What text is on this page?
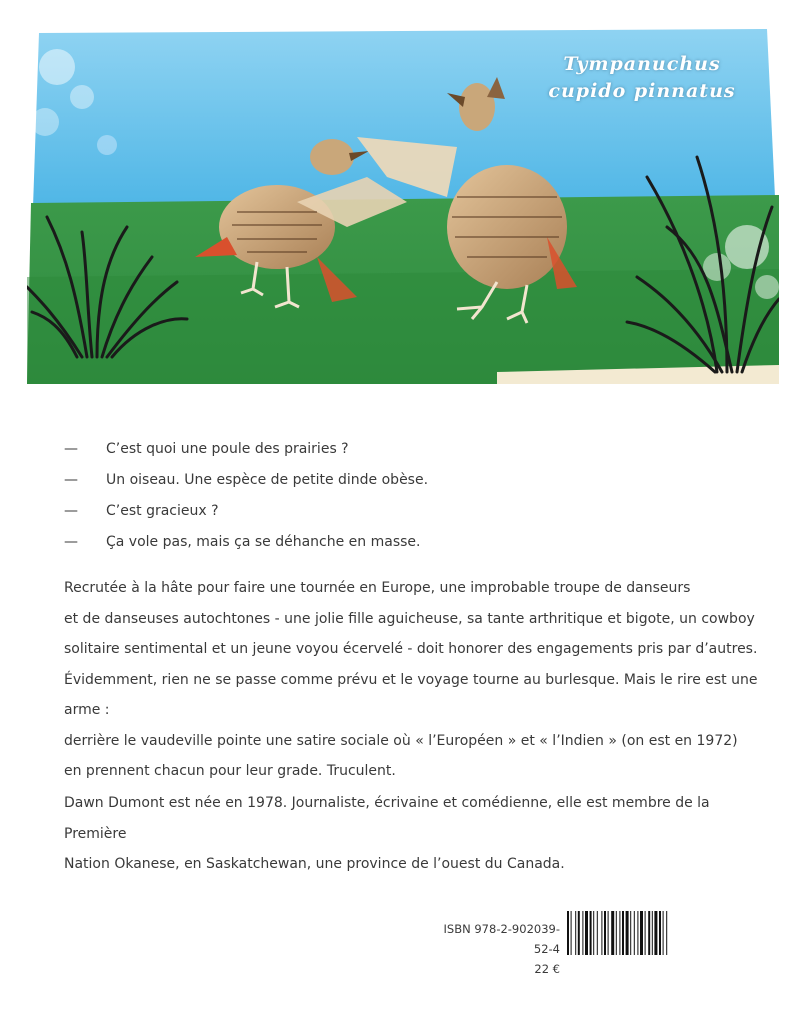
Tympanuchus cupido pinnatus
— C’est quoi une poule des prairies ?
— Un oiseau. Une espèce de petite dinde obèse.
— C’est gracieux ?
— Ça vole pas, mais ça se déhanche en masse.

Recrutée à la hâte pour faire une tournée en Europe, une improbable troupe de danseurs
et de danseuses autochtones - une jolie fille aguicheuse, sa tante arthritique et bigote, un cowboy
solitaire sentimental et un jeune voyou écervelé - doit honorer des engagements pris par d’autres.
Évidemment, rien ne se passe comme prévu et le voyage tourne au burlesque. Mais le rire est une arme :
derrière le vaudeville pointe une satire sociale où « l’Européen » et « l’Indien » (on est en 1972)
en prennent chacun pour leur grade. Truculent.

Dawn Dumont est née en 1978. Journaliste, écrivaine et comédienne, elle est membre de la Première
Nation Okanese, en Saskatchewan, une province de l’ouest du Canada.

ISBN 978-2-902039-52-4
22 €
